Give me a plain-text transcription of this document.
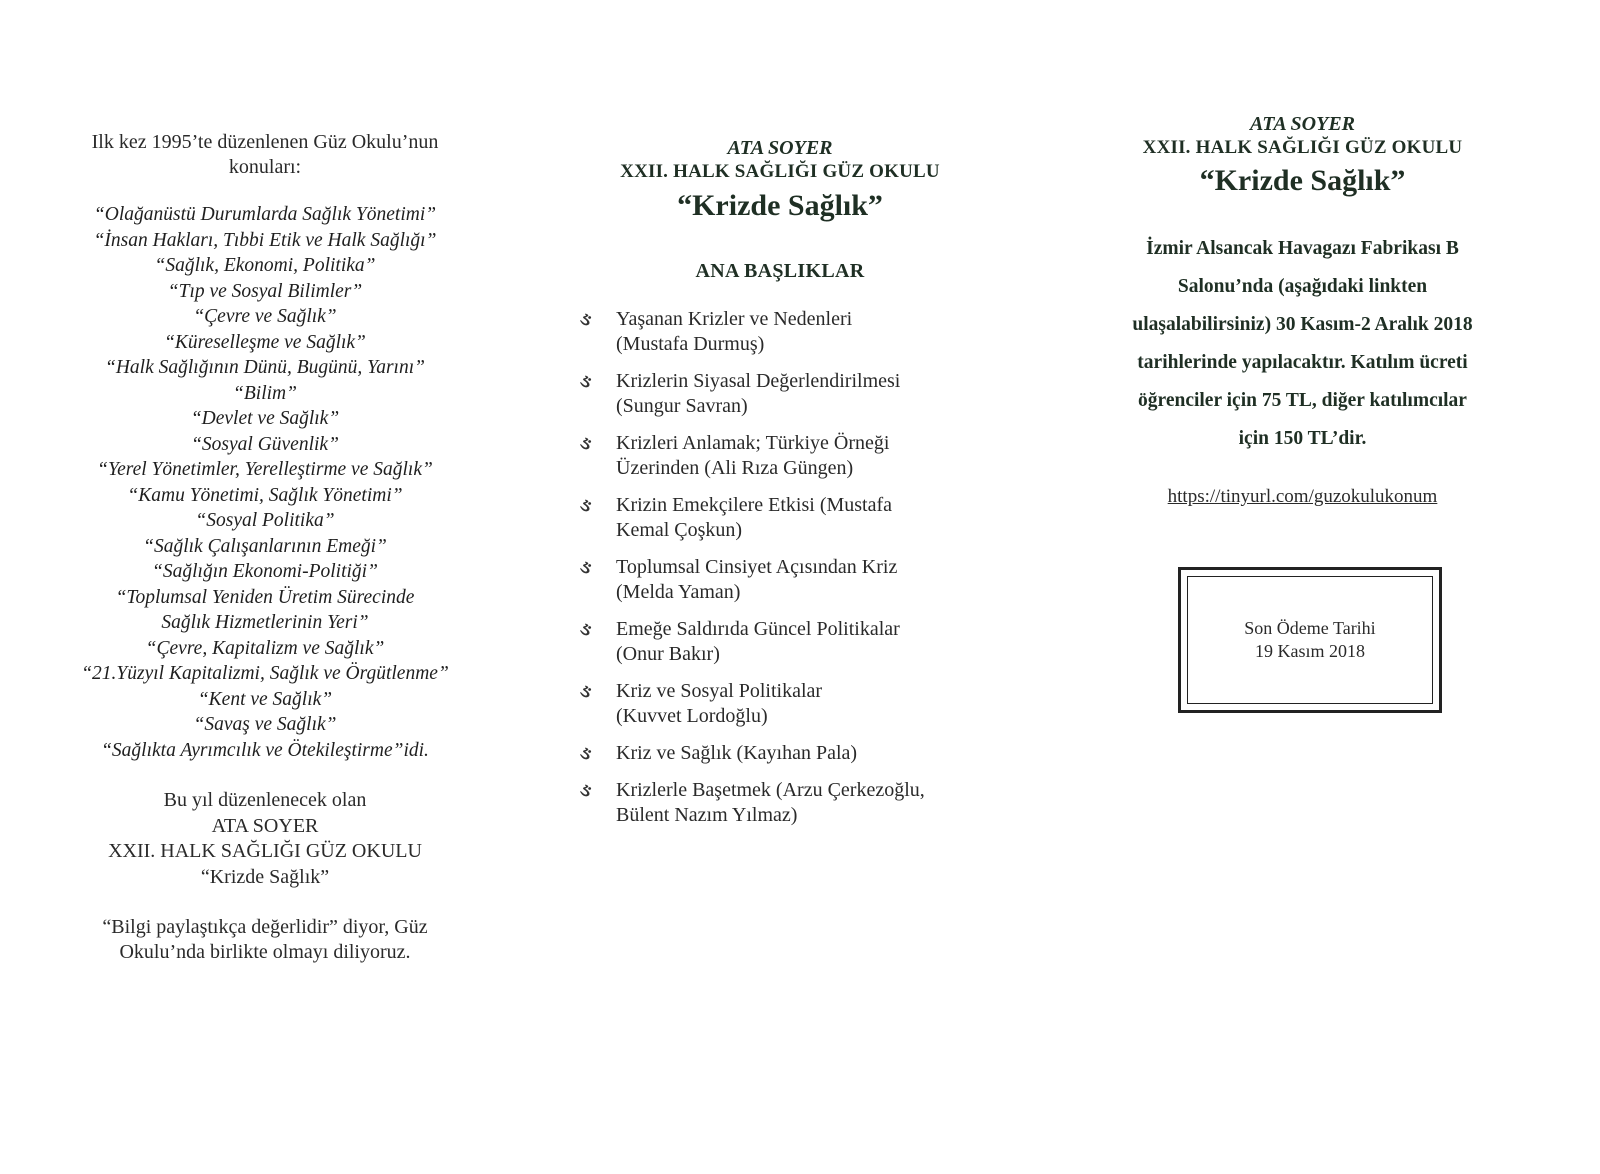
Ilk kez 1995’te düzenlenen Güz Okulu’nun
konuları:
“Olağanüstü Durumlarda Sağlık Yönetimi”
“İnsan Hakları, Tıbbi Etik ve Halk Sağlığı”
“Sağlık, Ekonomi, Politika”
“Tıp ve Sosyal Bilimler”
“Çevre ve Sağlık”
“Küreselleşme ve Sağlık”
“Halk Sağlığının Dünü, Bugünü, Yarını”
“Bilim”
“Devlet ve Sağlık”
“Sosyal Güvenlik”
“Yerel Yönetimler, Yerelleştirme ve Sağlık”
“Kamu Yönetimi, Sağlık Yönetimi”
“Sosyal Politika”
“Sağlık Çalışanlarının Emeği”
“Sağlığın Ekonomi-Politiği”
“Toplumsal Yeniden Üretim Sürecinde
Sağlık Hizmetlerinin Yeri”
“Çevre, Kapitalizm ve Sağlık”
“21.Yüzyıl Kapitalizmi, Sağlık ve Örgütlenme”
“Kent ve Sağlık”
“Savaş ve Sağlık”
“Sağlıkta Ayrımcılık ve Ötekileştirme”idi.
Bu yıl düzenlenecek olan
ATA SOYER
XXII. HALK SAĞLIĞI GÜZ OKULU
“Krizde Sağlık”
“Bilgi paylaştıkça değerlidir” diyor, Güz
Okulu’nda birlikte olmayı diliyoruz.
ATA SOYER
XXII. HALK SAĞLIĞI GÜZ OKULU
“Krizde Sağlık”
ANA BAŞLIKLAR
ઙ Yaşanan Krizler ve Nedenleri
(Mustafa Durmuş)
ઙ Krizlerin Siyasal Değerlendirilmesi
(Sungur Savran)
ઙ Krizleri Anlamak; Türkiye Örneği
Üzerinden (Ali Rıza Güngen)
ઙ Krizin Emekçilere Etkisi (Mustafa
Kemal Çoşkun)
ઙ Toplumsal Cinsiyet Açısından Kriz
(Melda Yaman)
ઙ Emeğe Saldırıda Güncel Politikalar
(Onur Bakır)
ઙ Kriz ve Sosyal Politikalar
(Kuvvet Lordoğlu)
ઙ Kriz ve Sağlık (Kayıhan Pala)
ઙ Krizlerle Başetmek (Arzu Çerkezoğlu,
Bülent Nazım Yılmaz)
ATA SOYER
XXII. HALK SAĞLIĞI GÜZ OKULU
“Krizde Sağlık”
İzmir Alsancak Havagazı Fabrikası B
Salonu’nda (aşağıdaki linkten
ulaşalabilirsiniz) 30 Kasım-2 Aralık 2018
tarihlerinde yapılacaktır. Katılım ücreti
öğrenciler için 75 TL, diğer katılımcılar
için 150 TL’dir.
https://tinyurl.com/guzokulukonum
Son Ödeme Tarihi
19 Kasım 2018
